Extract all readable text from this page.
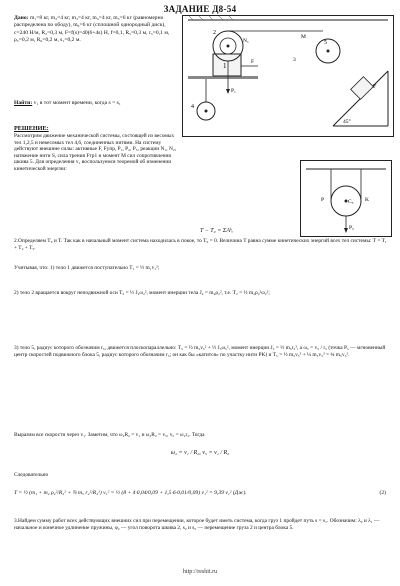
ЗАДАНИЕ Д8-54
Дано: m₁=8 кг, m₂=4 кг, m₃=4 кг, m₄=4 кг, m₅=6 кг (равномерно распределена по ободу), m₆=6 кг (сплошной однородный диск), с=240 Н/м, R₂=0,3 м, F=f(s)=40(6+4s) Н, f=0,1, R₅=0,3 м, r₅=0,1 м, ρ₅=0,2 м, R₆=0,2 м, s₁=0,2 м.
Найти: v₁ в тот момент времени, когда s = s₁
РЕШЕНИЕ:
Рассмотрим движение механической системы, состоящей из весомых тел 1,2,5 и невесомых тел 4,6, соединенных нитями. На систему действуют внешние силы: активные F, Fупр, P₁, P₂, P₅, реакции N₁, N₂, натяжение нити S, сила трения Fтр1 и момент M сил сопротивления шкива 5. Для определения v₁ воспользуемся теоремой об изменении кинетической энергии:
T − T₀ = ΣAᵏₑ
1
2
5
45°
F
4
P₁
F
N₁
M
3
C₅
P	K
P₅
2.Определяем T₀ и T. Так как в начальный момент система находилась в покое, то T₀ = 0. Величина T равна сумме кинетических энергий всех тел системы: T = T₁ + T₂ + T₅.
Учитывая, что: 1) тело 1 движется поступательно T₁ = ½ m₁v₁²;
2) тело 2 вращается вокруг неподвижной оси T₂ = ½ J₂ω₂², момент инерции тела J₂ = m₂ρ₂², т.е. T₂ = ½ m₂ρ₂²ω₂²;
3) тело 5, радиус которого обозначим r₅, движется плоскопараллельно: T₅ = ½ m₅v₅² + ½ J₅ω₅², момент инерции J₅ = ½ m₅r₅², a ω₅ = v₅ / r₅ (точка P₅ — мгновенный центр скоростей подвижного блока 5, радиус которого обозначим r₅; он как бы «катится» по участку нити PK) и T₅ = ½ m₅v₅² + ¼ m₅v₅² = ¾ m₅v₅².
Выразим все скорости через v₁. Заметим, что ω₂R₂ = v₁ и ω₂R₂ = v₅, v₅ = ω₂r₂. Тогда
ω₂ = v₁ / R₂, v₅ = v₁ / R₂
Следовательно
T = ½ (m₁ + m₂ ρ₂²/R₂² + ¾ m₅ r₂²/R₂²) v₁² = ½ (8 + 4·0,04/0,09 + 1,5·6·0,01/0,09) v₁² = 9,39 v₁² (Дж).	(2)
3.Найдем сумму работ всех действующих внешних сил при перемещении, которое будет иметь система, когда груз 1 пройдет путь s = s₁. Обозначим: λ₀ и λ₁ — начальное и конечное удлинение пружины, φ₂ — угол поворота шкива 2, s₂ и s₅ — перемещение груза 2 и центра блока 5.
http://reshit.ru
